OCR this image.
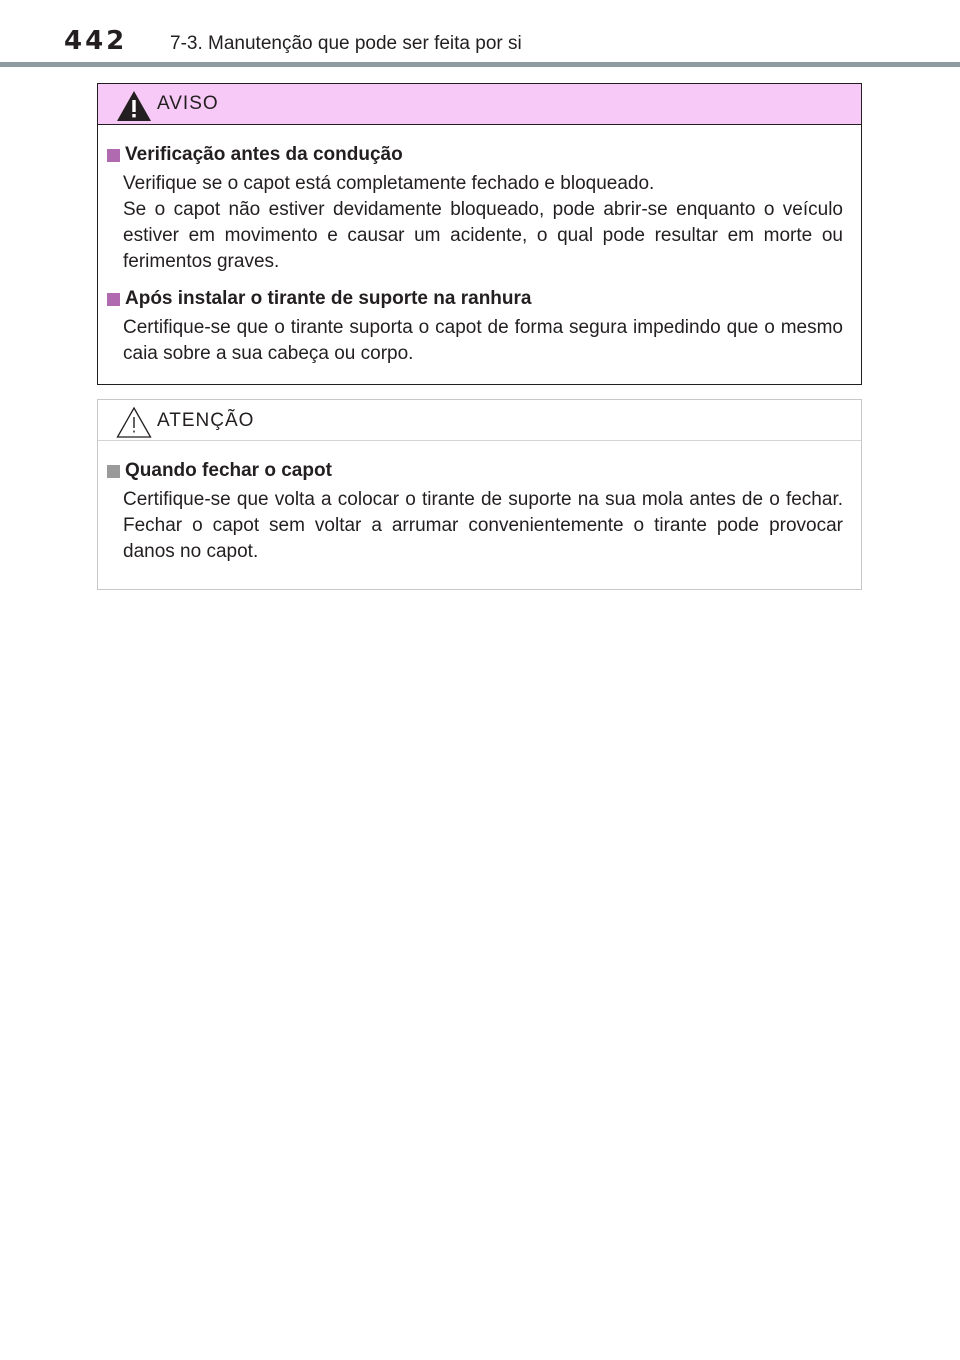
442 7-3. Manutenção que pode ser feita por si
AVISO
Verificação antes da condução
Verifique se o capot está completamente fechado e bloqueado.
Se o capot não estiver devidamente bloqueado, pode abrir-se enquanto o veículo estiver em movimento e causar um acidente, o qual pode resultar em morte ou ferimentos graves.
Após instalar o tirante de suporte na ranhura
Certifique-se que o tirante suporta o capot de forma segura impedindo que o mesmo caia sobre a sua cabeça ou corpo.
ATENÇÃO
Quando fechar o capot
Certifique-se que volta a colocar o tirante de suporte na sua mola antes de o fechar. Fechar o capot sem voltar a arrumar convenientemente o tirante pode provocar danos no capot.
